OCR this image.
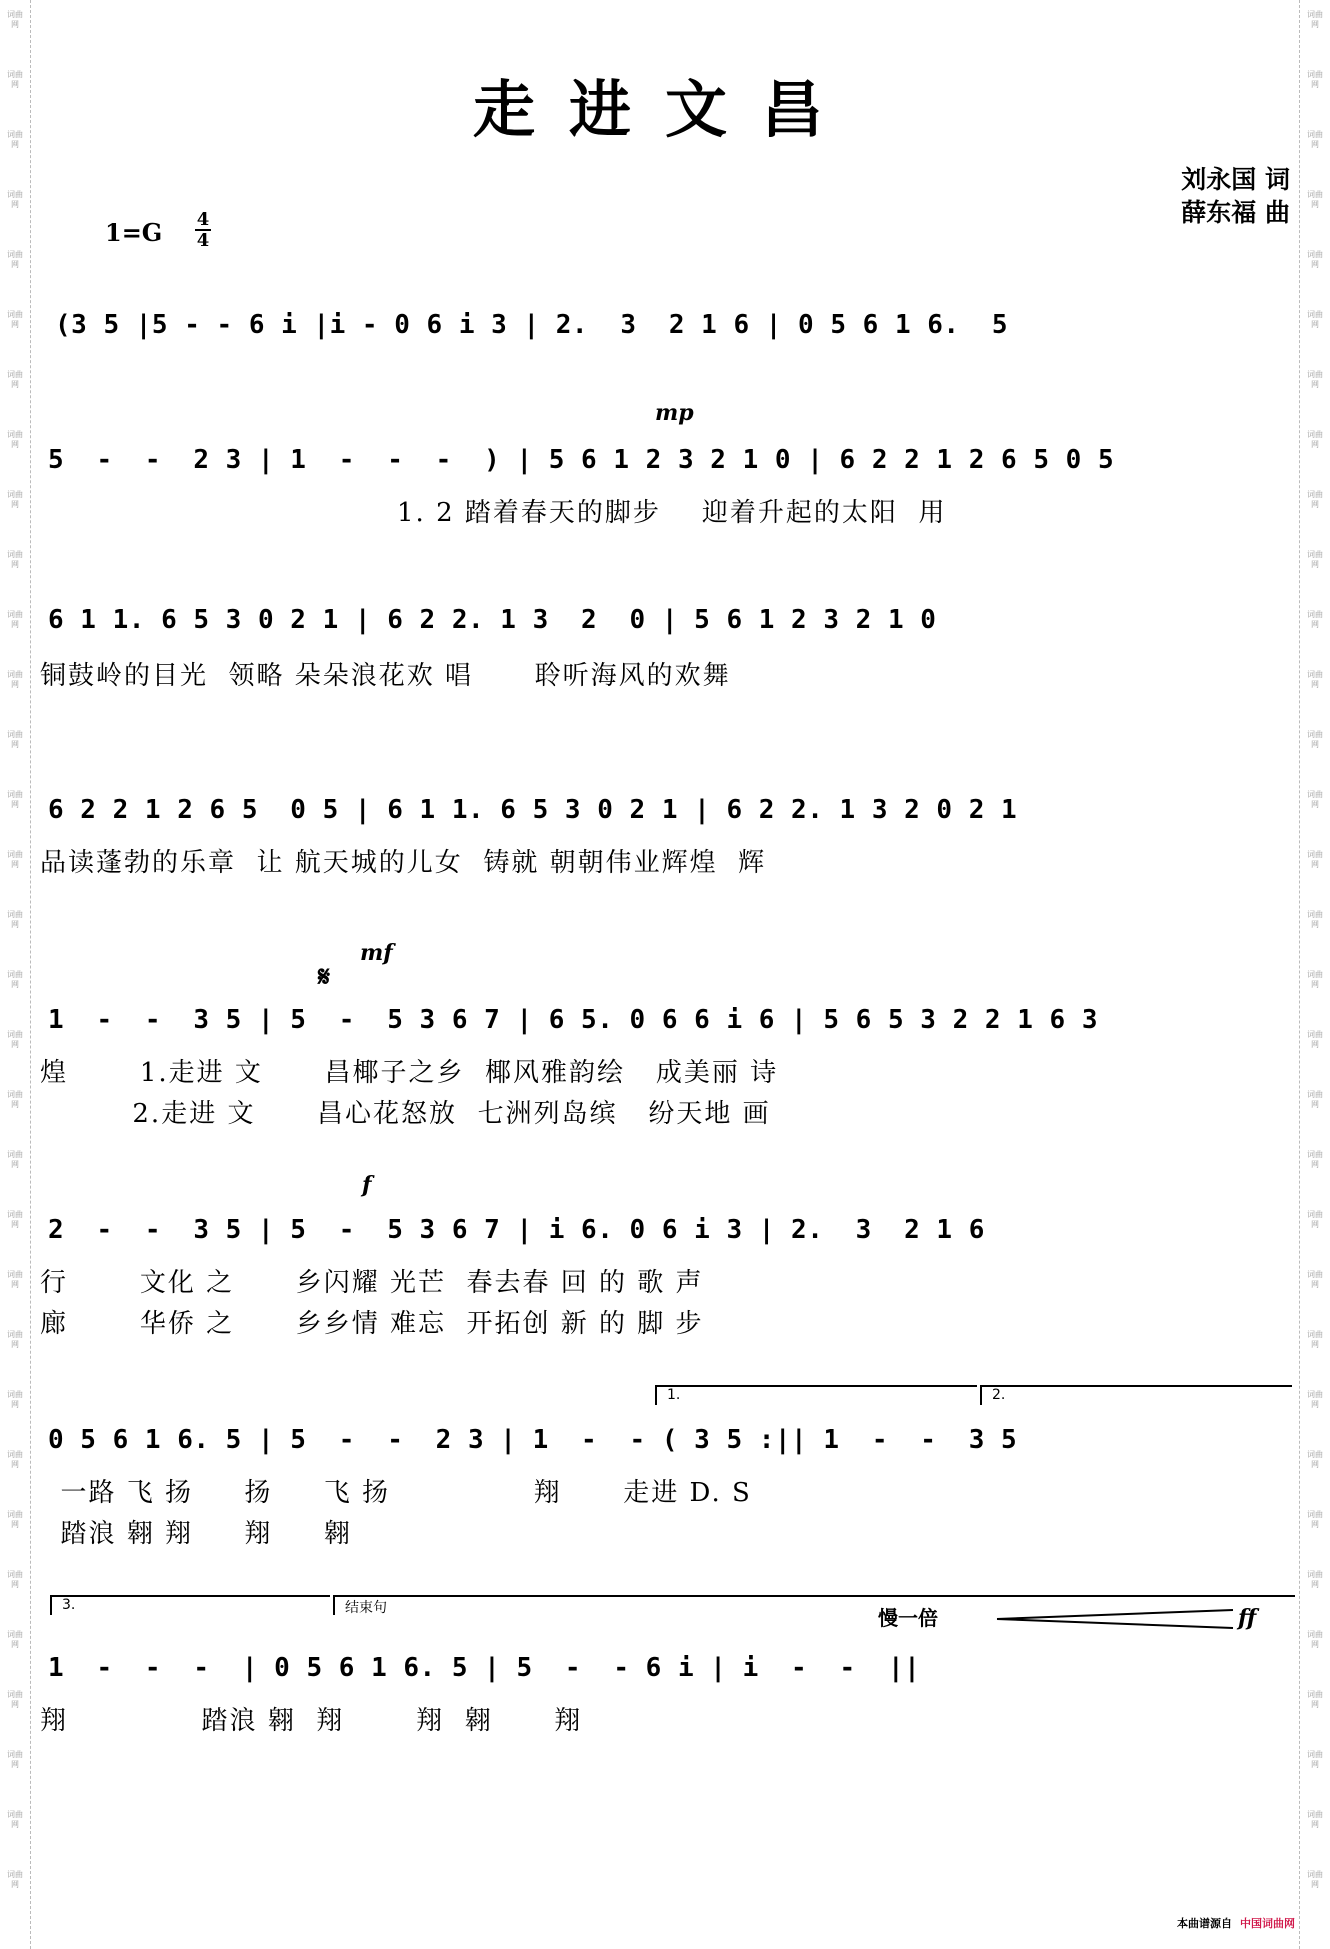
词曲网
词曲网
词曲网
词曲网
词曲网
词曲网
词曲网
词曲网
词曲网
词曲网
词曲网
词曲网
词曲网
词曲网
词曲网
词曲网
词曲网
词曲网
词曲网
词曲网
词曲网
词曲网
词曲网
词曲网
词曲网
词曲网
词曲网
词曲网
词曲网
词曲网
词曲网
词曲网
词曲网
词曲网
词曲网
词曲网
词曲网
词曲网
词曲网
词曲网
词曲网
词曲网
词曲网
词曲网
词曲网
词曲网
词曲网
词曲网
词曲网
词曲网
词曲网
词曲网
词曲网
词曲网
词曲网
词曲网
词曲网
词曲网
词曲网
词曲网
词曲网
词曲网
词曲网
词曲网
走进文昌
刘永国 词
薛东福 曲
1=G 4
4
(3 5 |5 - - 6 i |i - 0 6 i 3 | 2.  3  2 1 6 | 0 5 6 1 6.  5
5  -  -  2 3 | 1  -  -  -  ) | 5 6 1 2 3 2 1 0 | 6 2 2 1 2 6 5 0 5
1. 2 踏着春天的脚步    迎着升起的太阳  用
6 1 1. 6 5 3 0 2 1 | 6 2 2. 1 3  2  0 | 5 6 1 2 3 2 1 0
铜鼓岭的目光  领略 朵朵浪花欢 唱      聆听海风的欢舞
6 2 2 1 2 6 5  0 5 | 6 1 1. 6 5 3 0 2 1 | 6 2 2. 1 3 2 0 2 1
品读蓬勃的乐章  让 航天城的儿女  铸就 朝朝伟业辉煌  辉
1  -  -  3 5 | 5  -  5 3 6 7 | 6 5. 0 6 6 i 6 | 5 6 5 3 2 2 1 6 3
煌       1.走进 文      昌椰子之乡  椰风雅韵绘   成美丽 诗
2.走进 文      昌心花怒放  七洲列岛缤   纷天地 画
2  -  -  3 5 | 5  -  5 3 6 7 | i 6. 0 6 i 3 | 2.  3  2 1 6
行       文化 之      乡闪耀 光芒  春去春 回 的 歌 声
廊       华侨 之      乡乡情 难忘  开拓创 新 的 脚 步
0 5 6 1 6. 5 | 5  -  -  2 3 | 1  -  - ( 3 5 :|| 1  -  -  3 5
一路 飞 扬     扬     飞 扬              翔      走进 D. S
踏浪 翱 翔     翔     翱
1  -  -  -  | 0 5 6 1 6. 5 | 5  -  - 6 i | i  -  -  ||
翔             踏浪 翱  翔       翔  翱      翔
mp
mf
𝄋
f
ff
慢一倍
1.	2.
3.	结束句
本曲谱源自 中国词曲网
